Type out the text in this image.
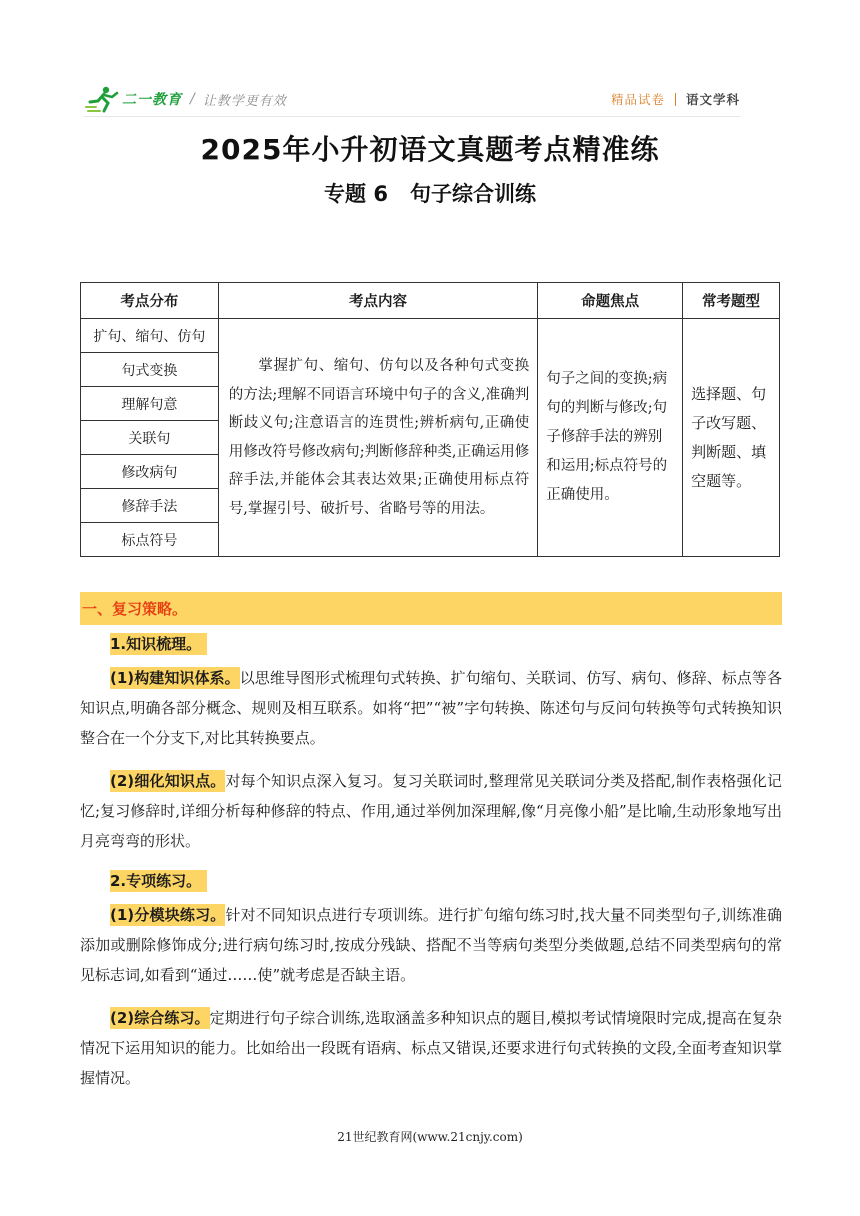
二一教育 / 让教学更有效	精品试卷 语文学科
2025年小升初语文真题考点精准练
专题 6 句子综合训练
考点分布	考点内容	命题焦点	常考题型
扩句、缩句、仿句	掌握扩句、缩句、仿句以及各种句式变换的方法;理解不同语言环境中句子的含义,准确判断歧义句;注意语言的连贯性;辨析病句,正确使用修改符号修改病句;判断修辞种类,正确运用修辞手法,并能体会其表达效果;正确使用标点符号,掌握引号、破折号、省略号等的用法。	句子之间的变换;病句的判断与修改;句子修辞手法的辨别和运用;标点符号的正确使用。	选择题、句子改写题、判断题、填空题等。
句式变换			
理解句意			
关联句			
修改病句			
修辞手法			
标点符号			
一、复习策略。
1.知识梳理。
(1)构建知识体系。以思维导图形式梳理句式转换、扩句缩句、关联词、仿写、病句、修辞、标点等各知识点,明确各部分概念、规则及相互联系。如将“把”“被”字句转换、陈述句与反问句转换等句式转换知识整合在一个分支下,对比其转换要点。
(2)细化知识点。对每个知识点深入复习。复习关联词时,整理常见关联词分类及搭配,制作表格强化记忆;复习修辞时,详细分析每种修辞的特点、作用,通过举例加深理解,像“月亮像小船”是比喻,生动形象地写出月亮弯弯的形状。
2.专项练习。
(1)分模块练习。针对不同知识点进行专项训练。进行扩句缩句练习时,找大量不同类型句子,训练准确添加或删除修饰成分;进行病句练习时,按成分残缺、搭配不当等病句类型分类做题,总结不同类型病句的常见标志词,如看到“通过……使”就考虑是否缺主语。
(2)综合练习。定期进行句子综合训练,选取涵盖多种知识点的题目,模拟考试情境限时完成,提高在复杂情况下运用知识的能力。比如给出一段既有语病、标点又错误,还要求进行句式转换的文段,全面考查知识掌握情况。
21世纪教育网(www.21cnjy.com)
